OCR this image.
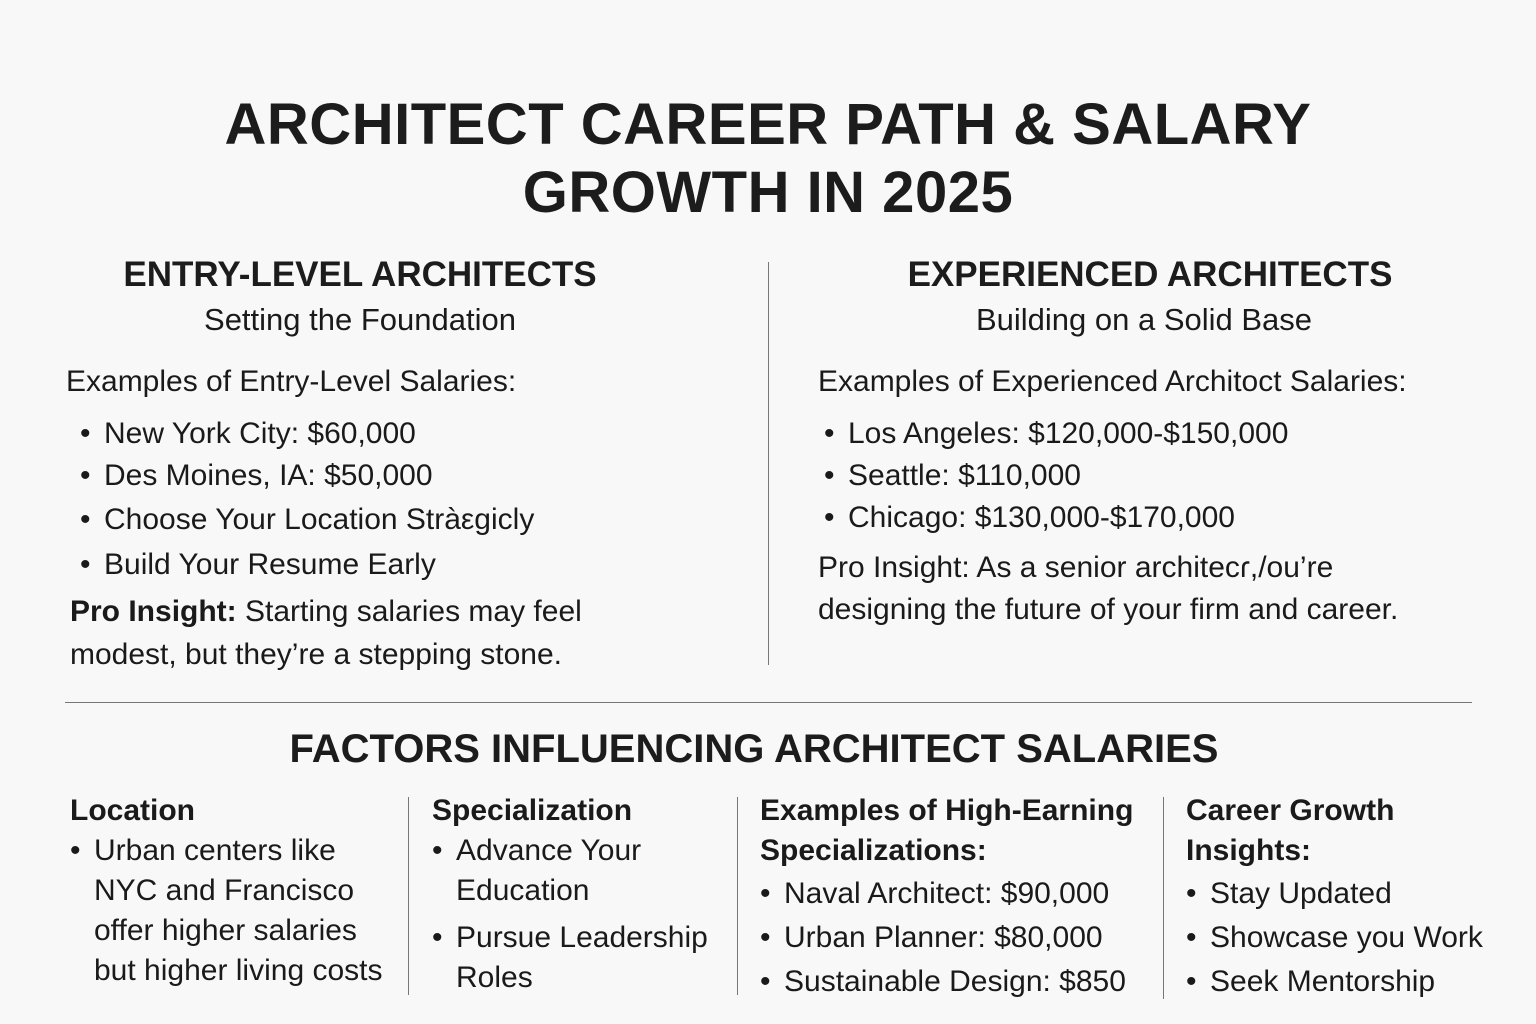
ARCHITECT CAREER PATH & SALARY
GROWTH IN 2025
ENTRY-LEVEL ARCHITECTS
Setting the Foundation
Examples of Entry-Level Salaries:
• New York City: $60,000
• Des Moines, IA: $50,000
• Choose Your Location Stràεgicly
• Build Your Resume Early
Pro Insight: Starting salaries may feel
modest, but they’re a stepping stone.
EXPERIENCED ARCHITECTS
Building on a Solid Base
Examples of Experienced Architoct Salaries:
• Los Angeles: $120,000-$150,000
• Seattle: $110,000
• Chicago: $130,000-$170,000
Pro Insight: As a senior architecɾ,/ou’re
designing the future of your firm and career.
FACTORS INFLUENCING ARCHITECT SALARIES
Location
• Urban centers like NYC and Francisco offer higher salaries but higher living costs
Specialization
• Advance Your Education
• Pursue Leadership Roles
Examples of High-Earning Specializations:
• Naval Architect: $90,000
• Urban Planner: $80,000
• Sustainable Design: $850
Career Growth Insights:
• Stay Updated
• Showcase you Work
• Seek Mentorship
